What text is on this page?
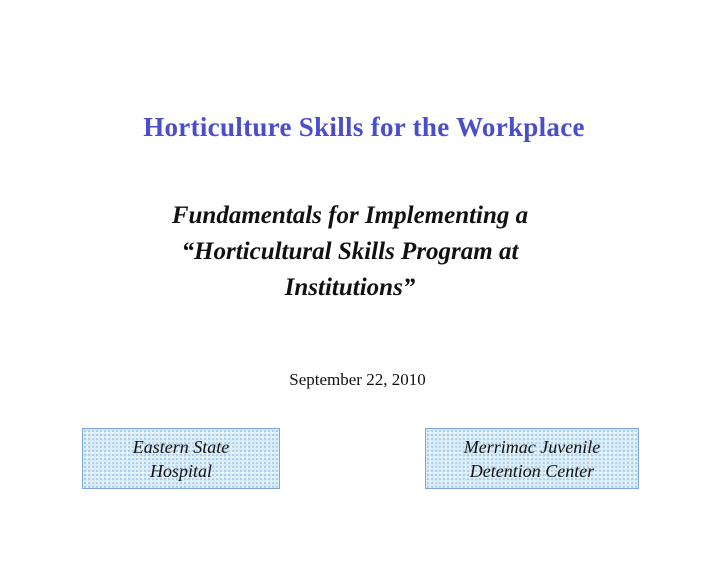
Horticulture Skills for the Workplace
Fundamentals for Implementing a
“Horticultural Skills Program at
Institutions”
September 22, 2010
Eastern State
Hospital
Merrimac Juvenile
Detention Center
